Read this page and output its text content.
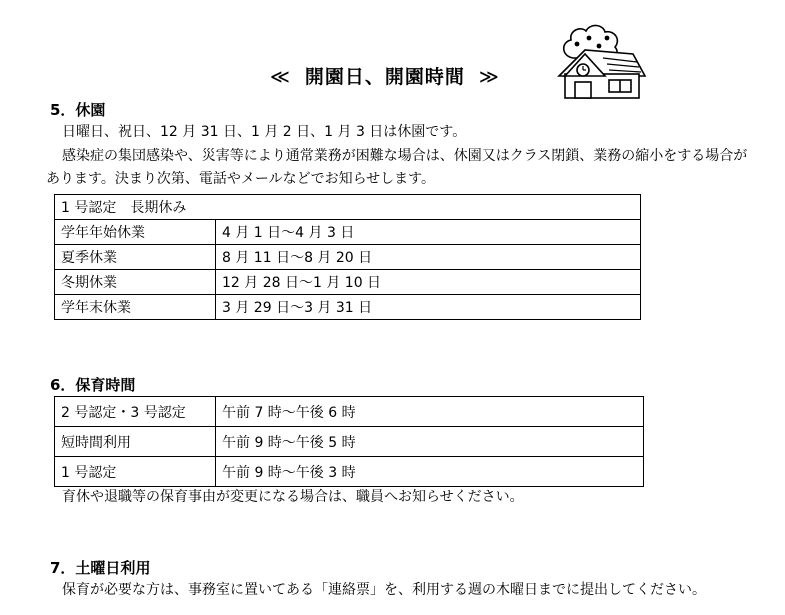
≪ 開園日、開園時間 ≫
5．休園
日曜日、祝日、12 月 31 日、1 月 2 日、1 月 3 日は休園です。
感染症の集団感染や、災害等により通常業務が困難な場合は、休園又はクラス閉鎖、業務の縮小をする場合が
あります。決まり次第、電話やメールなどでお知らせします。
1 号認定　長期休み	
学年年始休業	4 月 1 日〜4 月 3 日
夏季休業	8 月 11 日〜8 月 20 日
冬期休業	12 月 28 日〜1 月 10 日
学年末休業	3 月 29 日〜3 月 31 日
6．保育時間
2 号認定・3 号認定	午前 7 時〜午後 6 時
短時間利用	午前 9 時〜午後 5 時
1 号認定	午前 9 時〜午後 3 時
育休や退職等の保育事由が変更になる場合は、職員へお知らせください。
7．土曜日利用
保育が必要な方は、事務室に置いてある「連絡票」を、利用する週の木曜日までに提出してください。
